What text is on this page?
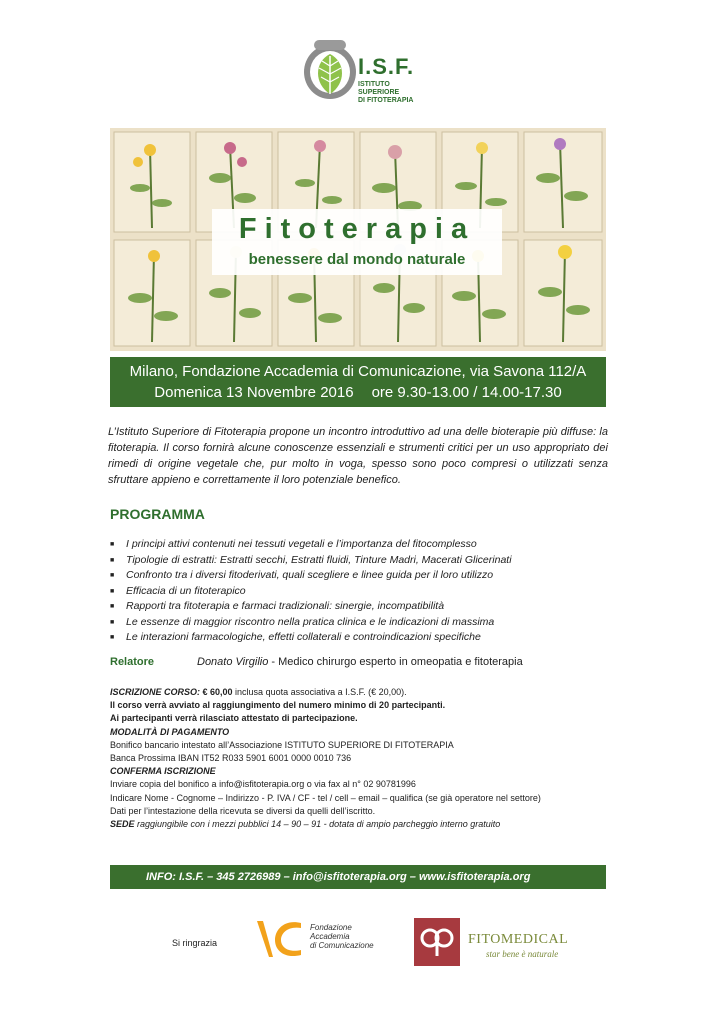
I.S.F.
ISTITUTO
SUPERIORE
DI FITOTERAPIA
Fitoterapia
benessere dal mondo naturale
Milano, Fondazione Accademia di Comunicazione, via Savona 112/A
Domenica 13 Novembre 2016 ore 9.30-13.00 / 14.00-17.30

L’Istituto Superiore di Fitoterapia propone un incontro introduttivo ad una delle bioterapie più diffuse: la fitoterapia. Il corso fornirà alcune conoscenze essenziali e strumenti critici per un uso appropriato dei rimedi di origine vegetale che, pur molto in voga, spesso sono poco compresi o utilizzati senza sfruttare appieno e correttamente il loro potenziale benefico.

PROGRAMMA
■ I principi attivi contenuti nei tessuti vegetali e l’importanza del fitocomplesso
■ Tipologie di estratti: Estratti secchi, Estratti fluidi, Tinture Madri, Macerati Glicerinati
■ Confronto tra i diversi fitoderivati, quali scegliere e linee guida per il loro utilizzo
■ Efficacia di un fitoterapico
■ Rapporti tra fitoterapia e farmaci tradizionali: sinergie, incompatibilità
■ Le essenze di maggior riscontro nella pratica clinica e le indicazioni di massima
■ Le interazioni farmacologiche, effetti collaterali e controindicazioni specifiche
Relatore	Donato Virgilio - Medico chirurgo esperto in omeopatia e fitoterapia
ISCRIZIONE CORSO: € 60,00 inclusa quota associativa a I.S.F. (€ 20,00).
Il corso verrà avviato al raggiungimento del numero minimo di 20 partecipanti.
Ai partecipanti verrà rilasciato attestato di partecipazione.
MODALITÀ DI PAGAMENTO
Bonifico bancario intestato all’Associazione ISTITUTO SUPERIORE DI FITOTERAPIA
Banca Prossima IBAN IT52 R033 5901 6001 0000 0010 736
CONFERMA ISCRIZIONE
Inviare copia del bonifico a info@isfitoterapia.org o via fax al n° 02 90781996
Indicare Nome - Cognome – Indirizzo - P. IVA / CF - tel / cell – email – qualifica (se già operatore nel settore)
Dati per l’intestazione della ricevuta se diversi da quelli dell’iscritto.
SEDE raggiungibile con i mezzi pubblici 14 – 90 – 91 - dotata di ampio parcheggio interno gratuito
INFO: I.S.F. – 345 2726989 – info@isfitoterapia.org – www.isfitoterapia.org
Si ringrazia
Fondazione
Accademia
di Comunicazione	FITOMEDICAL
star bene è naturale
